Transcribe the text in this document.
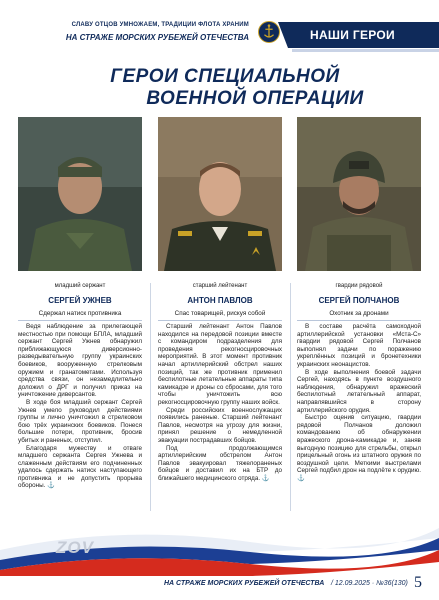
СЛАВУ ОТЦОВ УМНОЖАЕМ, ТРАДИЦИИ ФЛОТА ХРАНИМ
НА СТРАЖЕ МОРСКИХ РУБЕЖЕЙ ОТЕЧЕСТВА	НАШИ ГЕРОИ
ГЕРОИ СПЕЦИАЛЬНОЙ
ВОЕННОЙ ОПЕРАЦИИ
младший сержант
СЕРГЕЙ УЖНЕВ
Сдержал натиск противника

Ведя наблюдение за прилегающей местностью при помощи БПЛА, младший сержант Сергей Ужнев обнаружил приближающуюся диверсионно-разведывательную группу украинских боевиков, вооруженную стрелковым оружием и гранатометами. Используя средства связи, он незамедлительно доложил о ДРГ и получил приказ на уничтожение диверсантов.

В ходе боя младший сержант Сергей Ужнев умело руководил действиями группы и лично уничтожил в стрелковом бою трёх украинских боевиков. Понеся большие потери, противник, бросив убитых и раненых, отступил.

Благодаря мужеству и отваге младшего сержанта Сергея Ужнева и слаженным действиям его подчиненных удалось сдержать натиск наступающего противника и не допустить прорыва обороны. ⚓

старший лейтенант
АНТОН ПАВЛОВ
Спас товарищей, рискуя собой

Старший лейтенант Антон Павлов находился на передовой позиции вместе с командиром подразделения для проведения рекогносцировочных мероприятий. В этот момент противник начал артиллерийский обстрел наших позиций, так же противник применил беспилотные летательные аппараты типа камикадзе и дроны со сбросами, для того чтобы уничтожить всю рекогносцировочную группу наших войск.

Среди российских военнослужащих появились раненые. Старший лейтенант Павлов, несмотря на угрозу для жизни, принял решение о немедленной эвакуации пострадавших бойцов.

Под продолжающимся артиллерийским обстрелом Антон Павлов эвакуировал тяжелораненых бойцов и доставил их на БТР до ближайшего медицинского отряда. ⚓

гвардии рядовой
СЕРГЕЙ ПОЛЧАНОВ
Охотник за дронами

В составе расчёта самоходной артиллерийской установки «Мста-С» гвардии рядовой Сергей Полчанов выполнял задачи по поражению укреплённых позиций и бронетехники украинских неонацистов.

В ходе выполнения боевой задачи Сергей, находясь в пункте воздушного наблюдения, обнаружил вражеский беспилотный летательный аппарат, направлявшийся в сторону артиллерийского орудия.

Быстро оценив ситуацию, гвардии рядовой Полчанов доложил командованию об обнаружении вражеского дрона-камикадзе и, заняв выгодную позицию для стрельбы, открыл прицельный огонь из штатного оружия по воздушной цели. Меткими выстрелами Сергей подбил дрон на подлёте к орудию. ⚓

ZOV
НА СТРАЖЕ МОРСКИХ РУБЕЖЕЙ ОТЕЧЕСТВА / 12.09.2025 · №36(130) 5
